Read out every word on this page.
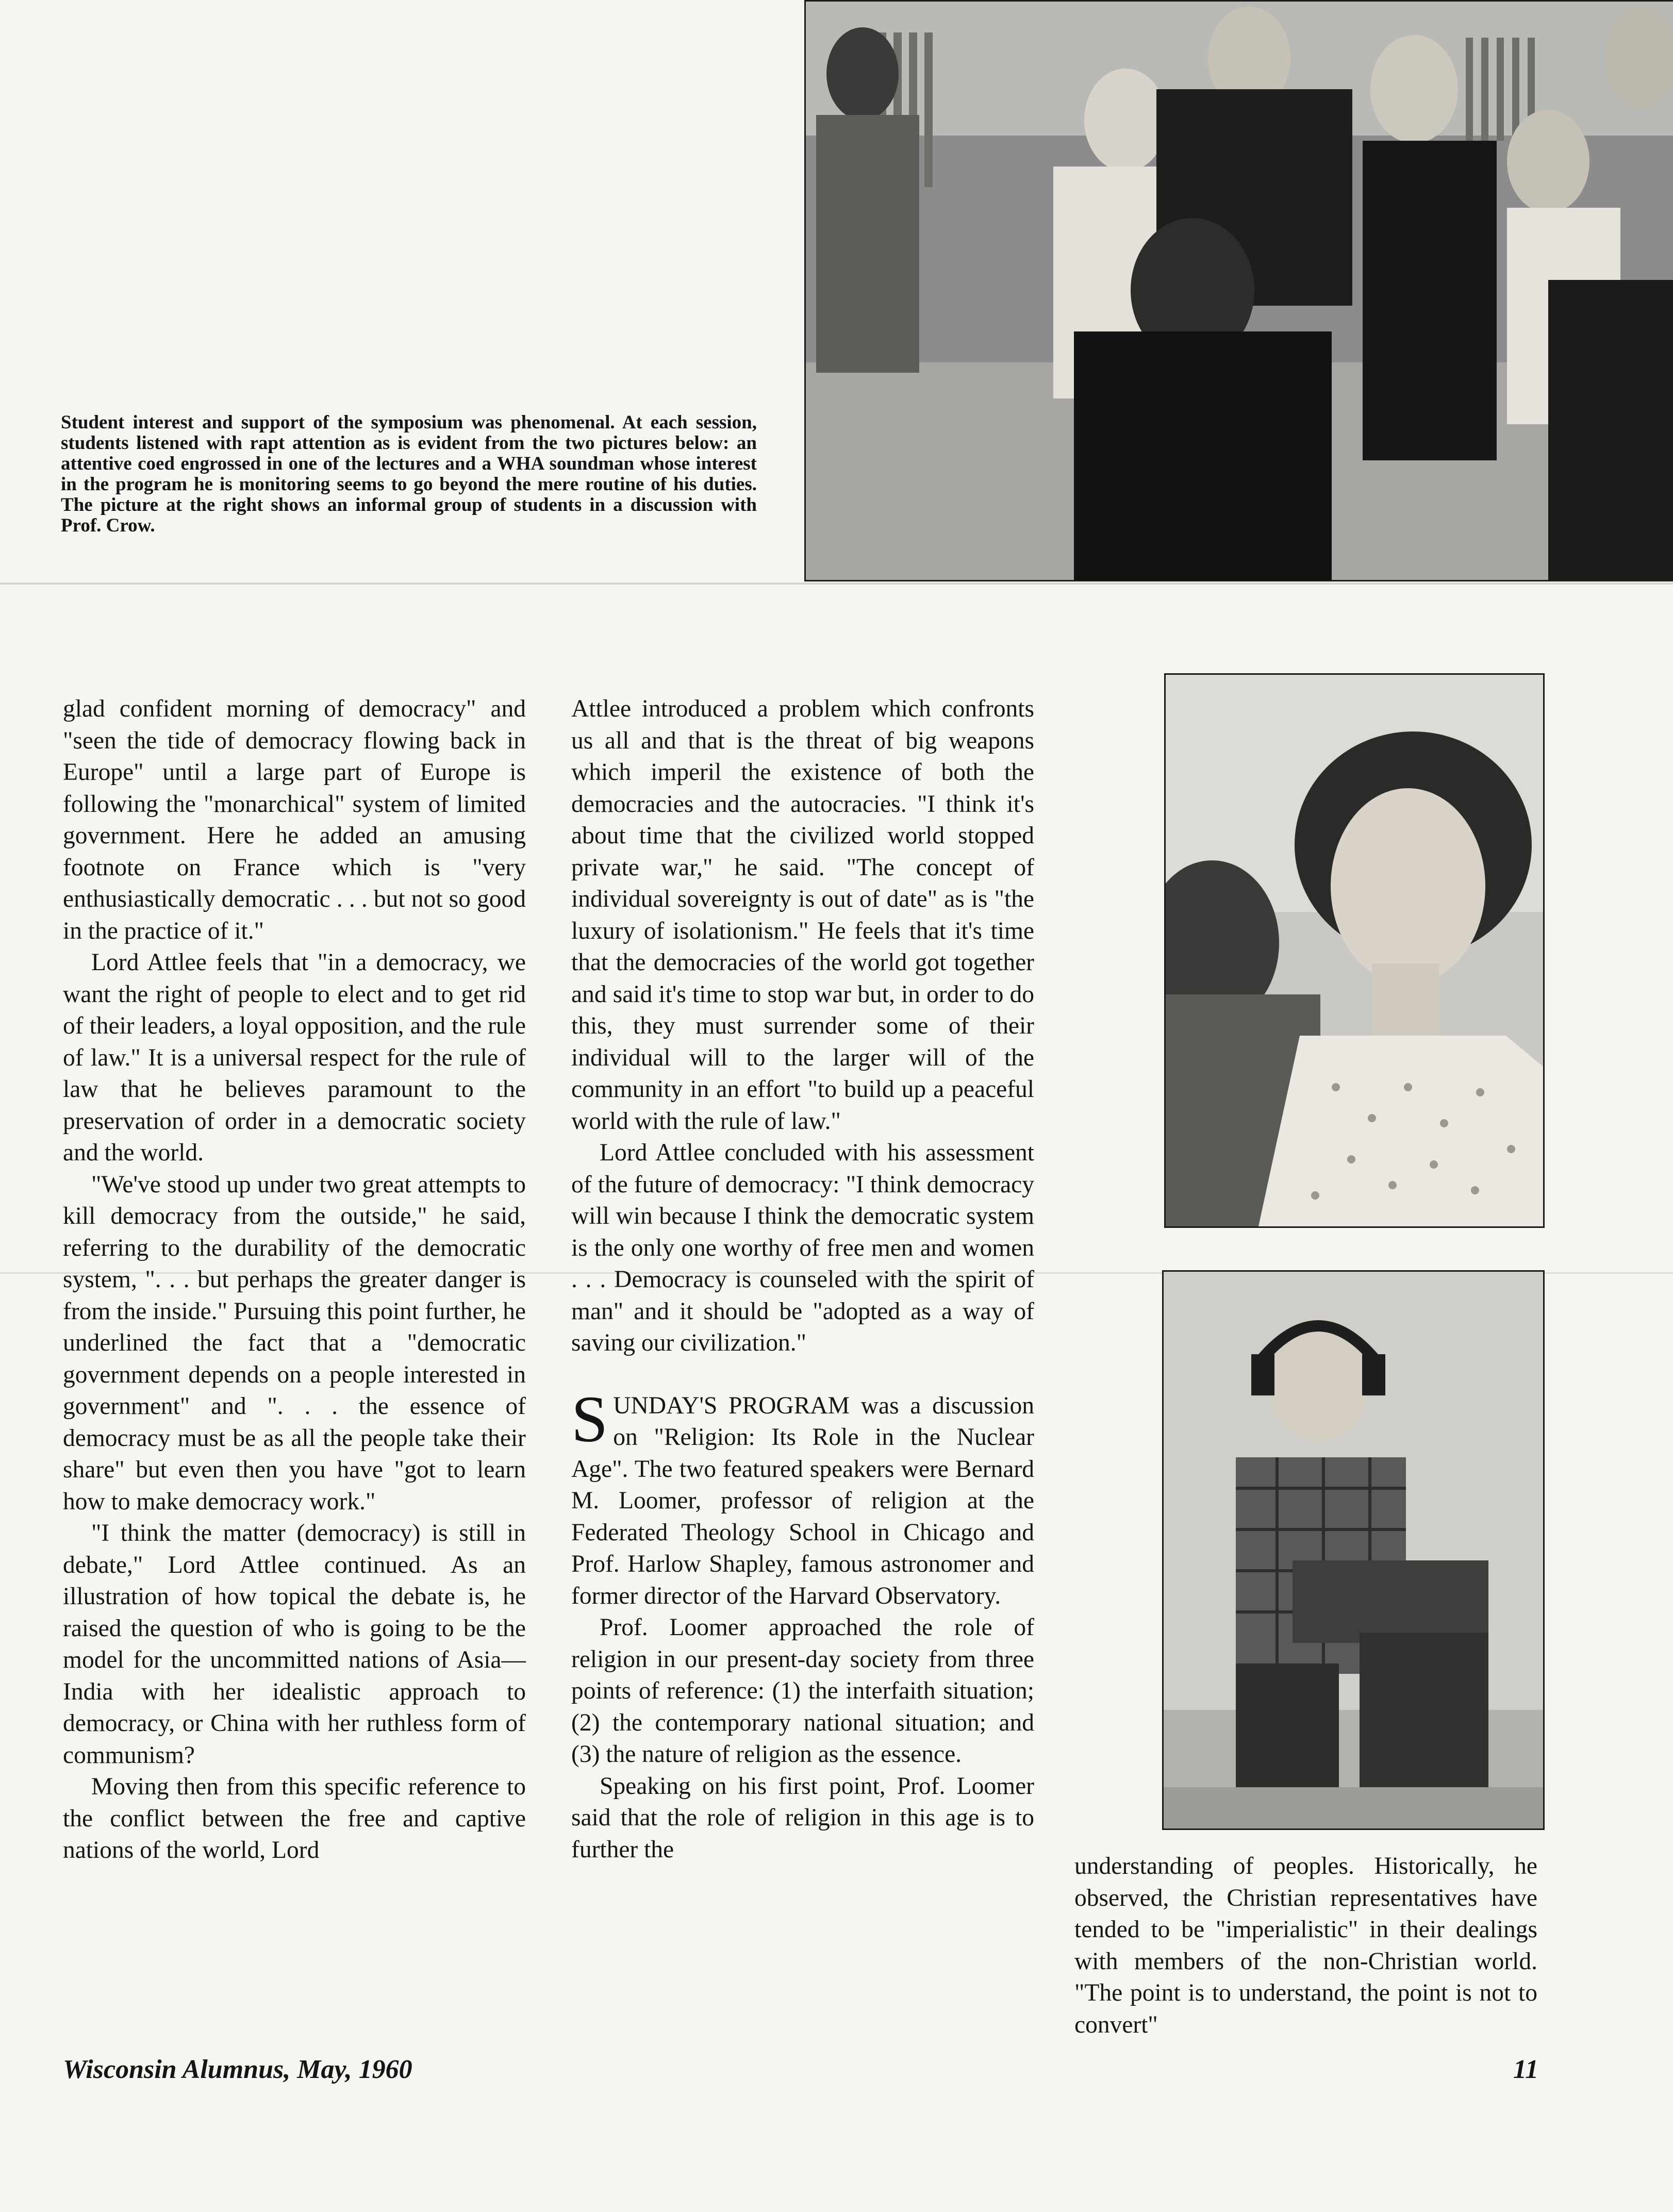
Student interest and support of the symposium was phenomenal. At each session, students listened with rapt attention as is evident from the two pictures below: an attentive coed engrossed in one of the lectures and a WHA soundman whose interest in the program he is monitoring seems to go beyond the mere routine of his duties. The picture at the right shows an informal group of students in a discussion with Prof. Crow.

glad confident morning of democracy" and "seen the tide of democracy flowing back in Europe" until a large part of Europe is following the "monarchical" system of limited government. Here he added an amusing footnote on France which is "very enthusiastically democratic . . . but not so good in the practice of it."

Lord Attlee feels that "in a democracy, we want the right of people to elect and to get rid of their leaders, a loyal opposition, and the rule of law." It is a universal respect for the rule of law that he believes paramount to the preservation of order in a democratic society and the world.

"We've stood up under two great attempts to kill democracy from the outside," he said, referring to the durability of the democratic system, ". . . but perhaps the greater danger is from the inside." Pursuing this point further, he underlined the fact that a "democratic government depends on a people interested in government" and ". . . the essence of democracy must be as all the people take their share" but even then you have "got to learn how to make democracy work."

"I think the matter (democracy) is still in debate," Lord Attlee continued. As an illustration of how topical the debate is, he raised the question of who is going to be the model for the uncommitted nations of Asia—India with her idealistic approach to democracy, or China with her ruthless form of communism?

Moving then from this specific reference to the conflict between the free and captive nations of the world, Lord

Attlee introduced a problem which confronts us all and that is the threat of big weapons which imperil the existence of both the democracies and the autocracies. "I think it's about time that the civilized world stopped private war," he said. "The concept of individual sovereignty is out of date" as is "the luxury of isolationism." He feels that it's time that the democracies of the world got together and said it's time to stop war but, in order to do this, they must surrender some of their individual will to the larger will of the community in an effort "to build up a peaceful world with the rule of law."

Lord Attlee concluded with his assessment of the future of democracy: "I think democracy will win because I think the democratic system is the only one worthy of free men and women . . . Democracy is counseled with the spirit of man" and it should be "adopted as a way of saving our civilization."

SUNDAY'S PROGRAM was a discussion on "Religion: Its Role in the Nuclear Age". The two featured speakers were Bernard M. Loomer, professor of religion at the Federated Theology School in Chicago and Prof. Harlow Shapley, famous astronomer and former director of the Harvard Observatory.

Prof. Loomer approached the role of religion in our present-day society from three points of reference: (1) the interfaith situation; (2) the contemporary national situation; and (3) the nature of religion as the essence.

Speaking on his first point, Prof. Loomer said that the role of religion in this age is to further the

understanding of peoples. Historically, he observed, the Christian representatives have tended to be "imperialistic" in their dealings with members of the non-Christian world. "The point is to understand, the point is not to convert"

Wisconsin Alumnus, May, 1960	11
